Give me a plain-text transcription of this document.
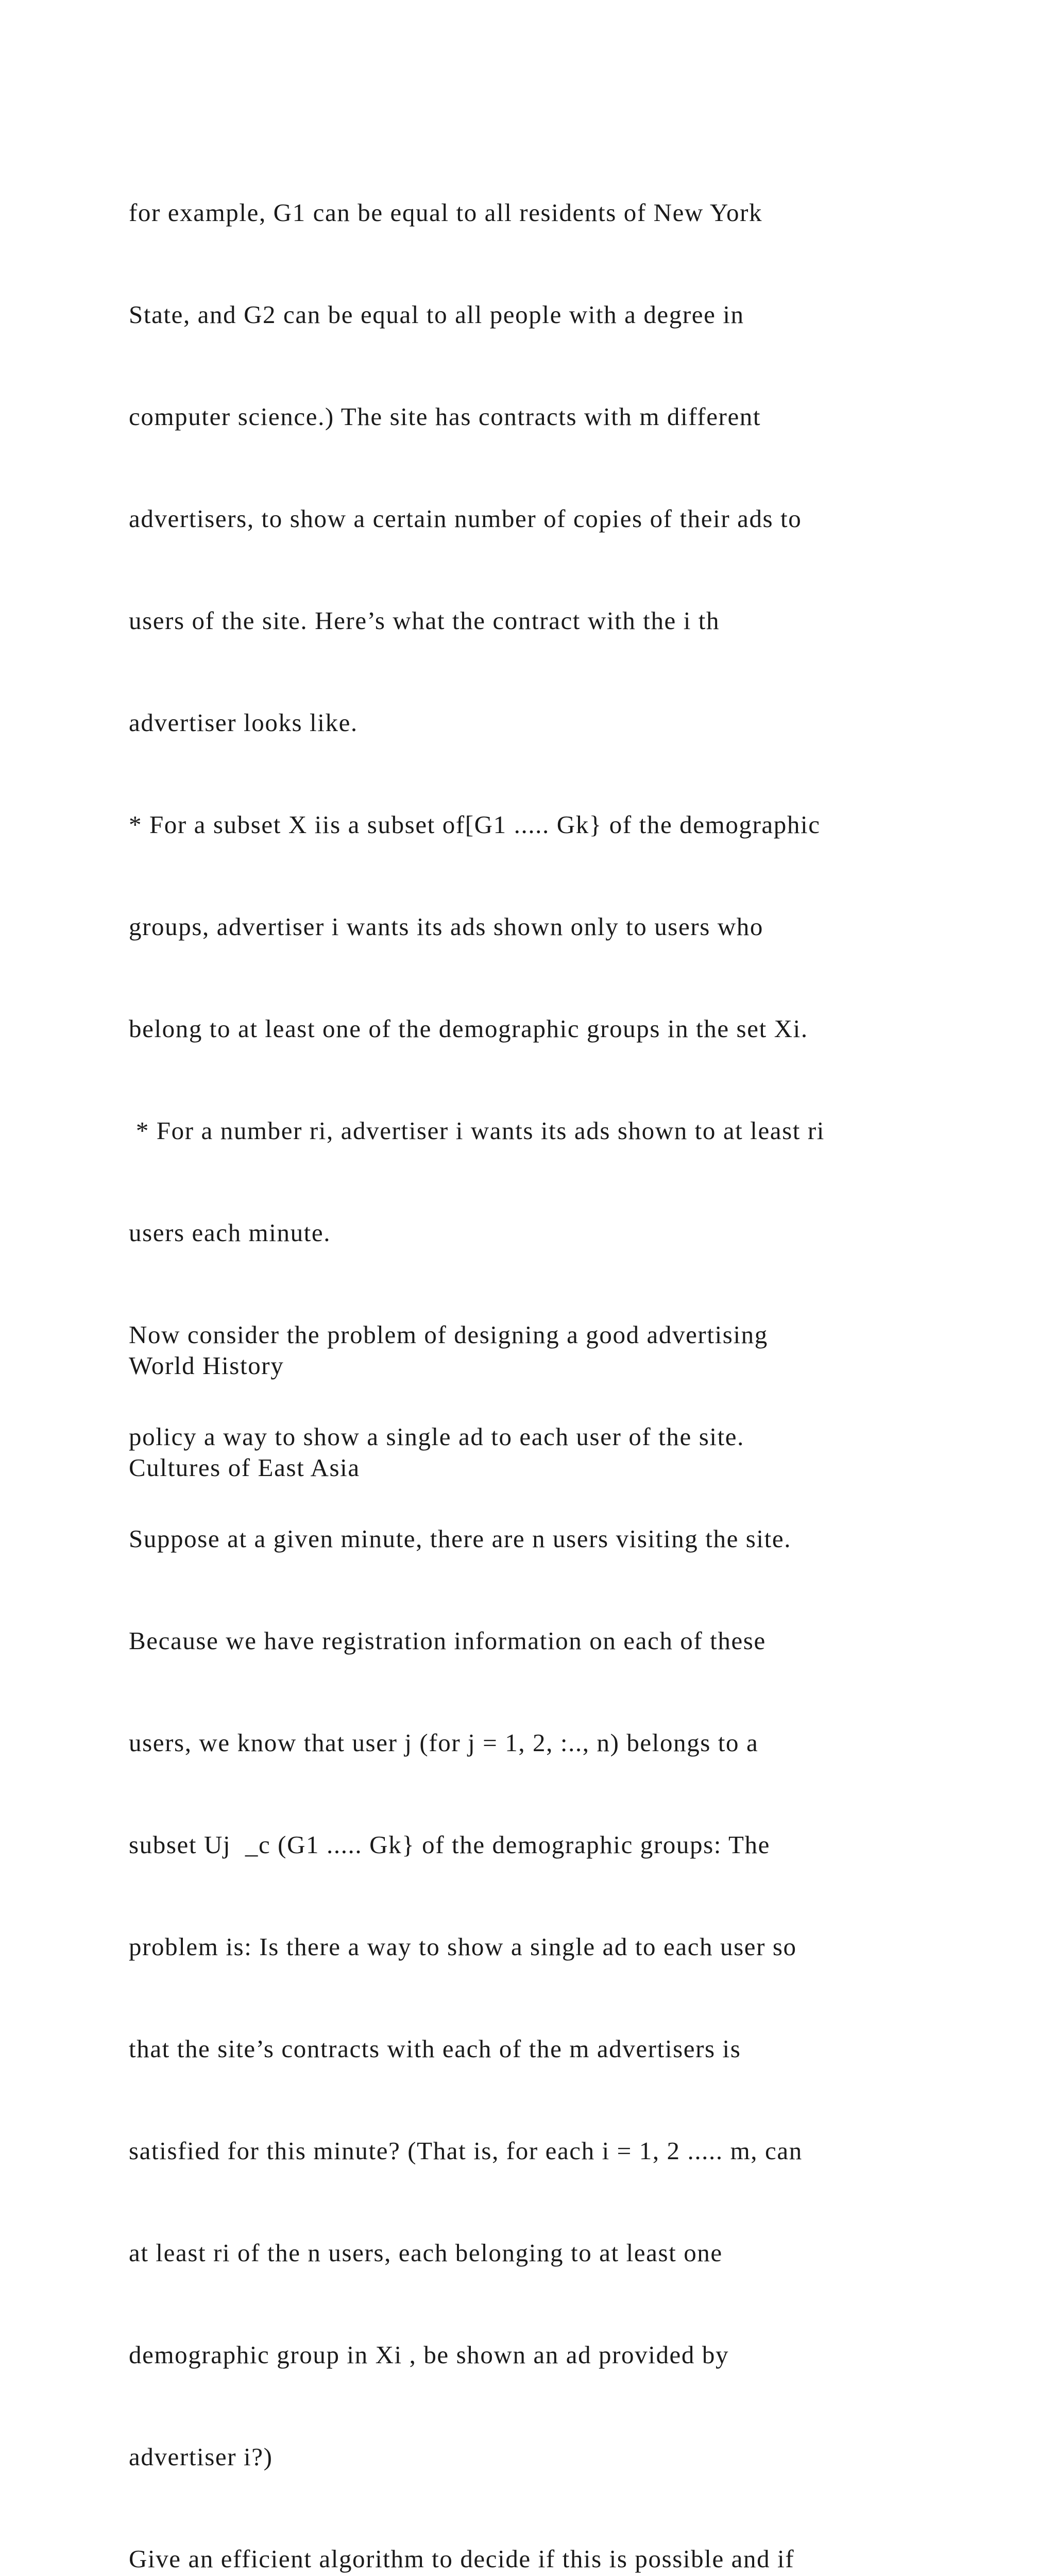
for example, G1 can be equal to all residents of New York

State, and G2 can be equal to all people with a degree in

computer science.) The site has contracts with m different

advertisers, to show a certain number of copies of their ads to

users of the site. Here’s what the contract with the i th

advertiser looks like.

* For a subset X iis a subset of[G1 ..... Gk} of the demographic

groups, advertiser i wants its ads shown only to users who

belong to at least one of the demographic groups in the set Xi.

* For a number ri, advertiser i wants its ads shown to at least ri

users each minute.

Now consider the problem of designing a good advertising

policy a way to show a single ad to each user of the site.

Suppose at a given minute, there are n users visiting the site.

Because we have registration information on each of these

users, we know that user j (for j = 1, 2, :.., n) belongs to a

subset Uj  _c (G1 ..... Gk} of the demographic groups: The

problem is: Is there a way to show a single ad to each user so

that the site’s contracts with each of the m advertisers is

satisfied for this minute? (That is, for each i = 1, 2 ..... m, can

at least ri of the n users, each belonging to at least one

demographic group in Xi , be shown an ad provided by

advertiser i?)

Give an efficient algorithm to decide if this is possible and if

World History

Cultures of East Asia
